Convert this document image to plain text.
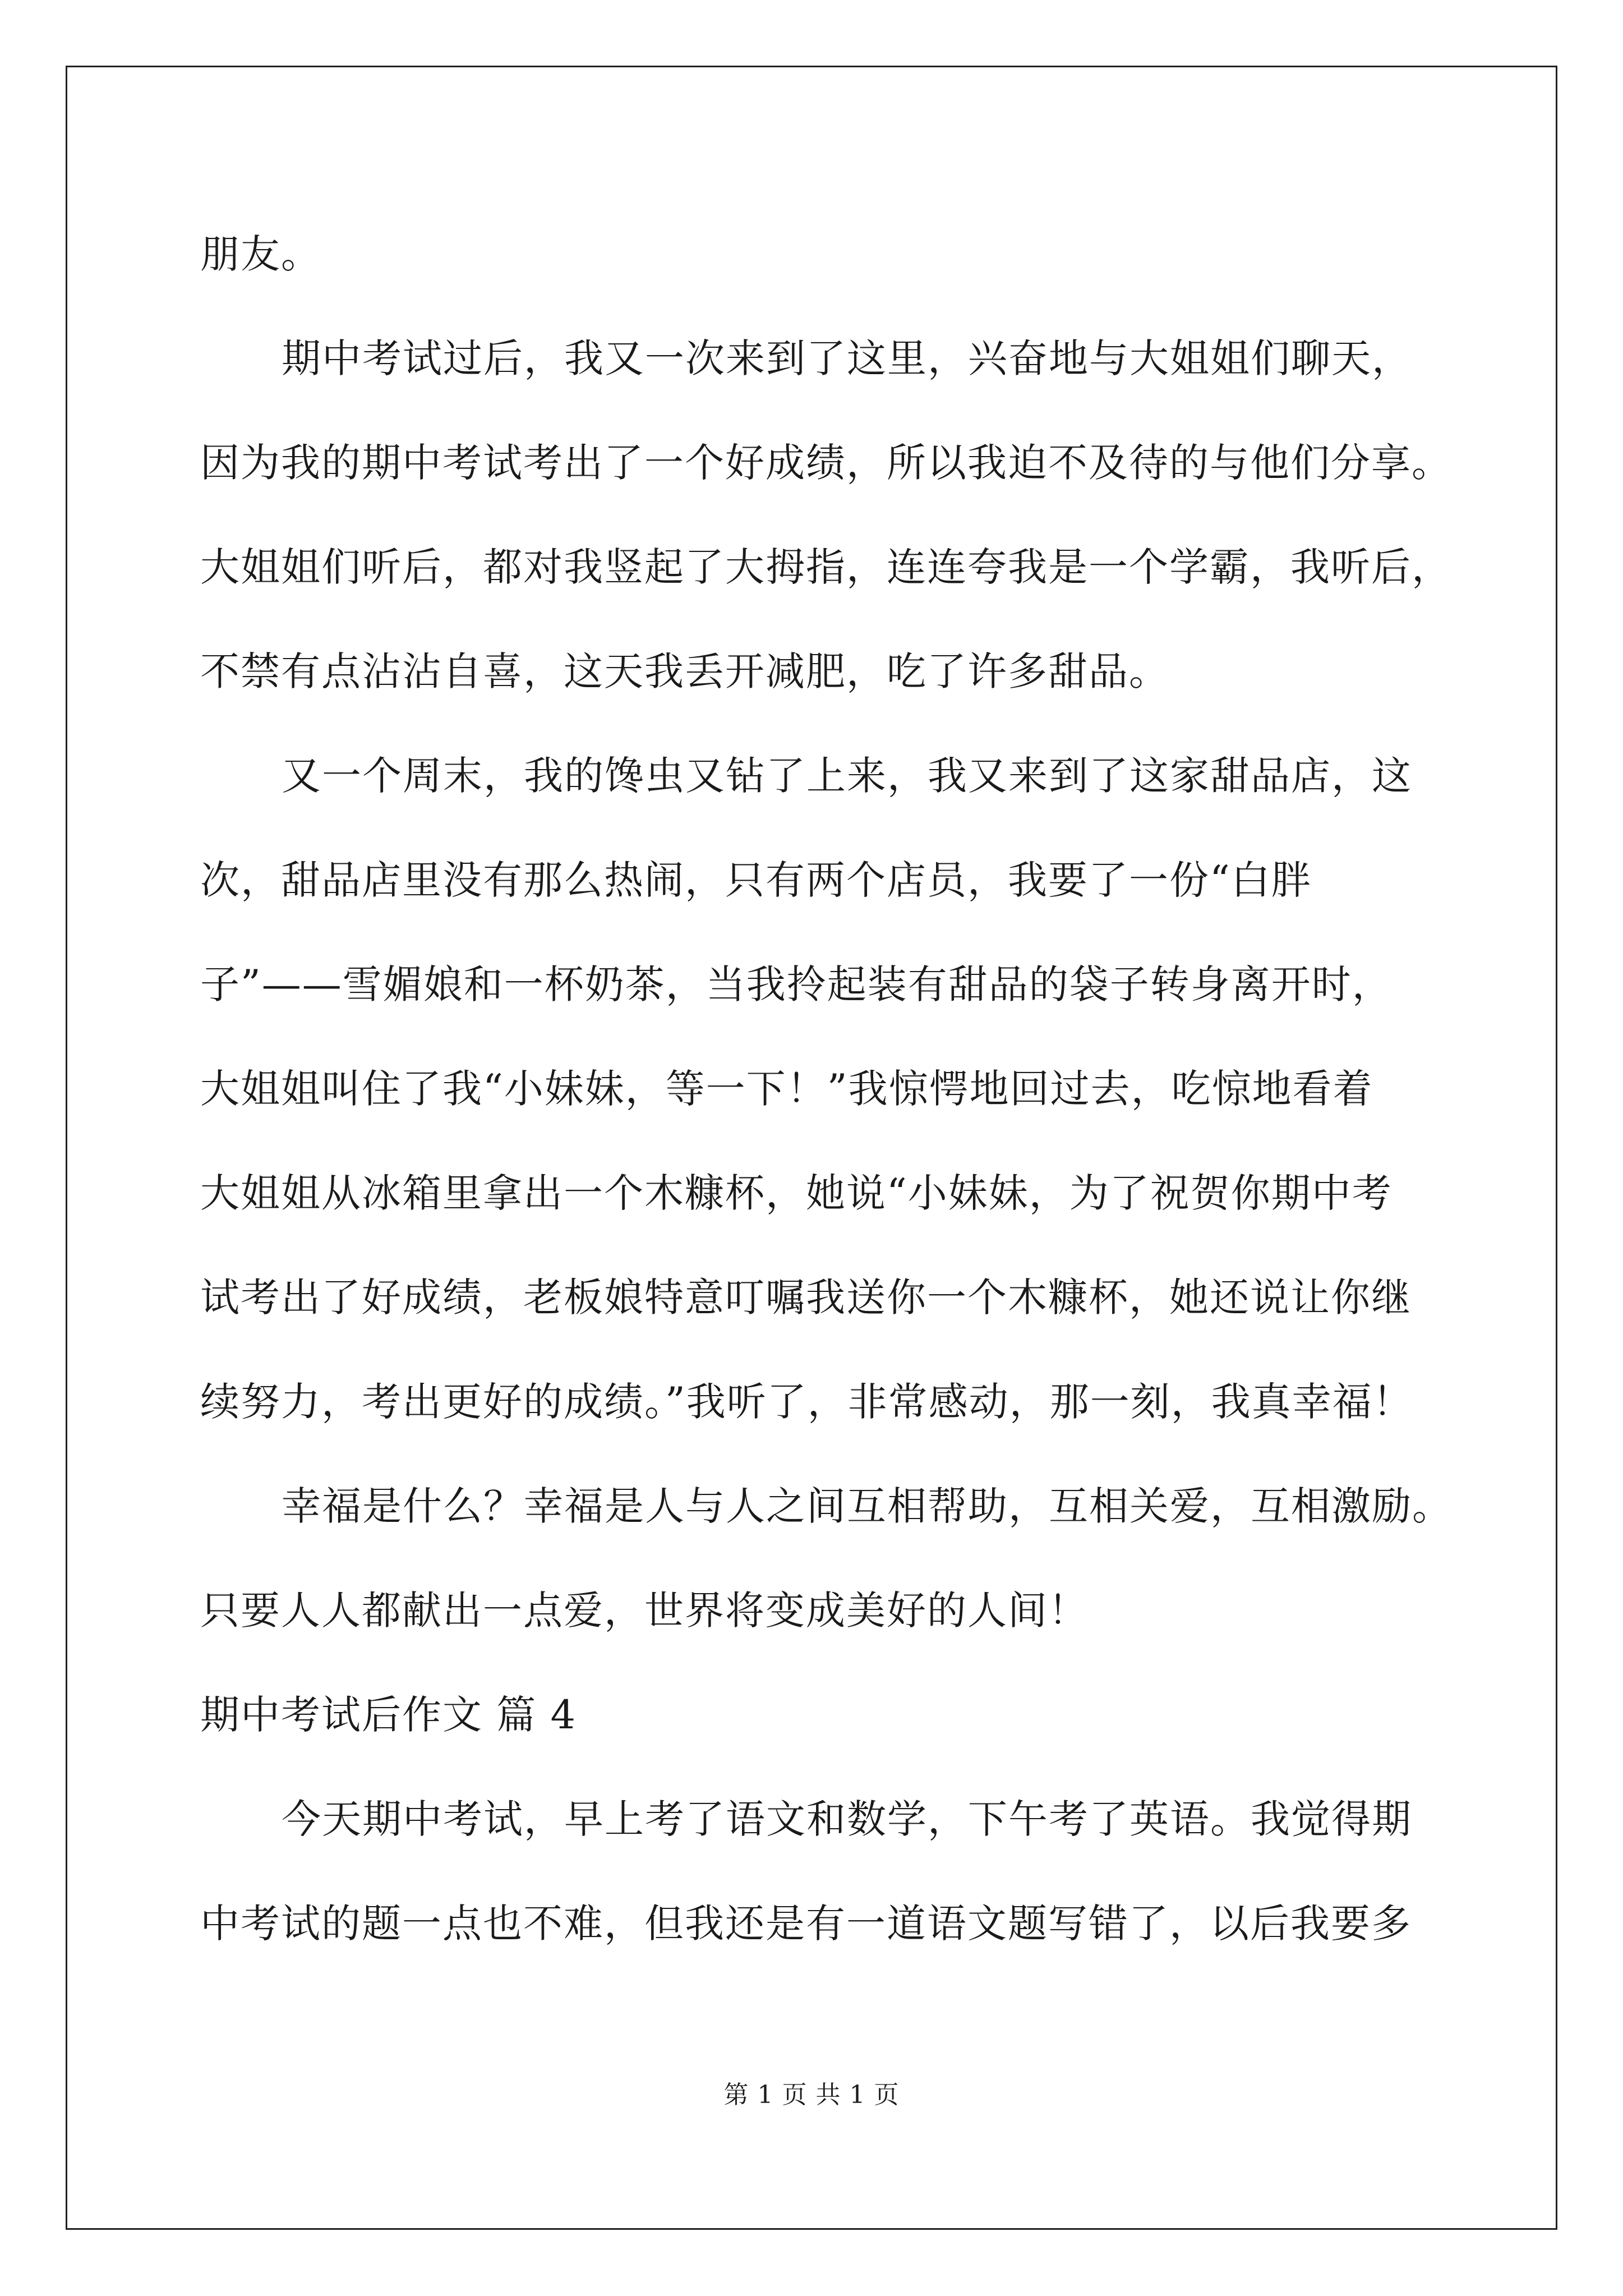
朋友。
期中考试过后，我又一次来到了这里，兴奋地与大姐姐们聊天，
因为我的期中考试考出了一个好成绩，所以我迫不及待的与他们分享。
大姐姐们听后，都对我竖起了大拇指，连连夸我是一个学霸，我听后，
不禁有点沾沾自喜，这天我丢开减肥，吃了许多甜品。
又一个周末，我的馋虫又钻了上来，我又来到了这家甜品店，这
次，甜品店里没有那么热闹，只有两个店员，我要了一份“白胖
子”——雪媚娘和一杯奶茶，当我拎起装有甜品的袋子转身离开时，
大姐姐叫住了我“小妹妹，等一下！”我惊愕地回过去，吃惊地看着
大姐姐从冰箱里拿出一个木糠杯，她说“小妹妹，为了祝贺你期中考
试考出了好成绩，老板娘特意叮嘱我送你一个木糠杯，她还说让你继
续努力，考出更好的成绩。”我听了，非常感动，那一刻，我真幸福！
幸福是什么？幸福是人与人之间互相帮助，互相关爱，互相激励。
只要人人都献出一点爱，世界将变成美好的人间！
期中考试后作文 篇 4
今天期中考试，早上考了语文和数学，下午考了英语。我觉得期
中考试的题一点也不难，但我还是有一道语文题写错了，以后我要多
第 1 页 共 1 页
